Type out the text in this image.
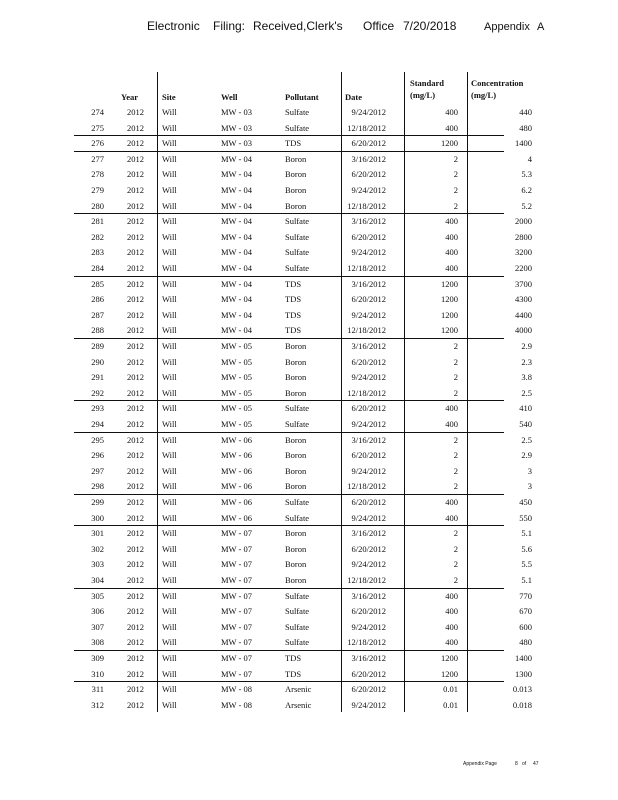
Electronic Filing: Received,Clerk's Office 7/20/2018	Appendix A
Year	Site	Well	Pollutant	Date
Standard
(mg/L)
Concentration
(mg/L)
274	2012 Will	MW - 03	Sulfate	9/24/2012	400	440
275	2012 Will	MW - 03	Sulfate	12/18/2012	400	480
276	2012 Will	MW - 03	TDS	6/20/2012	1200	1400
277	2012 Will	MW - 04	Boron	3/16/2012	2	4
278	2012 Will	MW - 04	Boron	6/20/2012	2	5.3
279	2012 Will	MW - 04	Boron	9/24/2012	2	6.2
280	2012 Will	MW - 04	Boron	12/18/2012	2	5.2
281	2012 Will	MW - 04	Sulfate	3/16/2012	400	2000
282	2012 Will	MW - 04	Sulfate	6/20/2012	400	2800
283	2012 Will	MW - 04	Sulfate	9/24/2012	400	3200
284	2012 Will	MW - 04	Sulfate	12/18/2012	400	2200
285	2012 Will	MW - 04	TDS	3/16/2012	1200	3700
286	2012 Will	MW - 04	TDS	6/20/2012	1200	4300
287	2012 Will	MW - 04	TDS	9/24/2012	1200	4400
288	2012 Will	MW - 04	TDS	12/18/2012	1200	4000
289	2012 Will	MW - 05	Boron	3/16/2012	2	2.9
290	2012 Will	MW - 05	Boron	6/20/2012	2	2.3
291	2012 Will	MW - 05	Boron	9/24/2012	2	3.8
292	2012 Will	MW - 05	Boron	12/18/2012	2	2.5
293	2012 Will	MW - 05	Sulfate	6/20/2012	400	410
294	2012 Will	MW - 05	Sulfate	9/24/2012	400	540
295	2012 Will	MW - 06	Boron	3/16/2012	2	2.5
296	2012 Will	MW - 06	Boron	6/20/2012	2	2.9
297	2012 Will	MW - 06	Boron	9/24/2012	2	3
298	2012 Will	MW - 06	Boron	12/18/2012	2	3
299	2012 Will	MW - 06	Sulfate	6/20/2012	400	450
300	2012 Will	MW - 06	Sulfate	9/24/2012	400	550
301	2012 Will	MW - 07	Boron	3/16/2012	2	5.1
302	2012 Will	MW - 07	Boron	6/20/2012	2	5.6
303	2012 Will	MW - 07	Boron	9/24/2012	2	5.5
304	2012 Will	MW - 07	Boron	12/18/2012	2	5.1
305	2012 Will	MW - 07	Sulfate	3/16/2012	400	770
306	2012 Will	MW - 07	Sulfate	6/20/2012	400	670
307	2012 Will	MW - 07	Sulfate	9/24/2012	400	600
308	2012 Will	MW - 07	Sulfate	12/18/2012	400	480
309	2012 Will	MW - 07	TDS	3/16/2012	1200	1400
310	2012 Will	MW - 07	TDS	6/20/2012	1200	1300
311	2012 Will	MW - 08	Arsenic	6/20/2012	0.01	0.013
312	2012 Will	MW - 08	Arsenic	9/24/2012	0.01	0.018
Appendix Page	8 of 47
